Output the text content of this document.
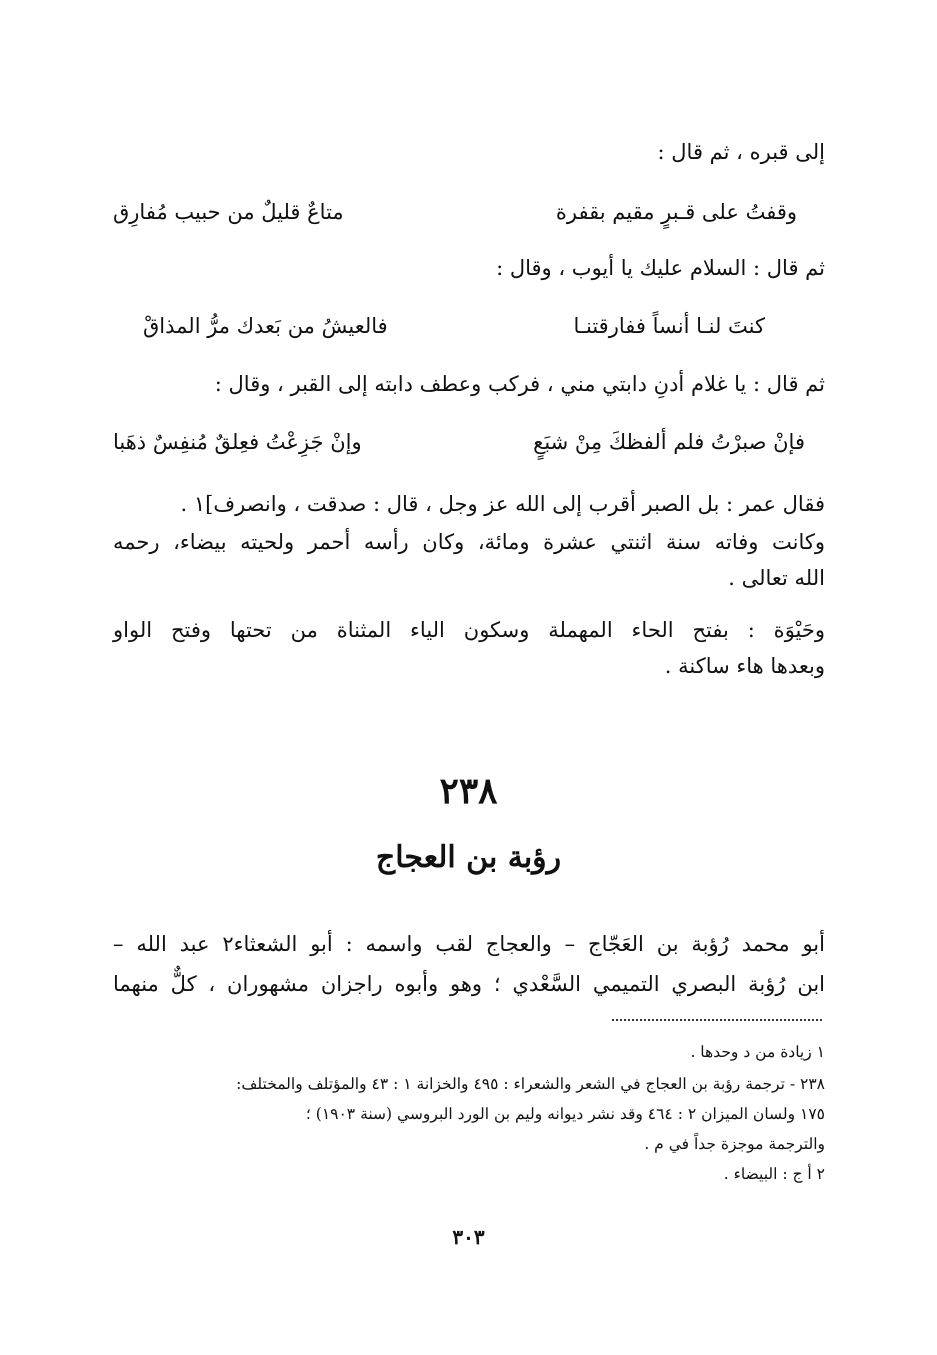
إلى قبره ، ثم قال :
وقفتُ على قـبرٍ مقيم بقفرة
متاعٌ قليلٌ من حبيب مُفارِق
ثم قال : السلام عليك يا أيوب ، وقال :
كنتَ لنـا أنساً ففارقتنـا
فالعيشُ من بَعدك مرُّ المذاقْ
ثم قال : يا غلام أدنِ دابتي مني ، فركب وعطف دابته إلى القبر ، وقال :
فإنْ صبرْتُ فلم ألفظكَ مِنْ شبَعٍ
وإنْ جَزِعْتُ فعِلقٌ مُنفِسٌ ذهَبا
فقال عمر : بل الصبر أقرب إلى الله عز وجل ، قال : صدقت ، وانصرف]١ .
وكانت وفاته سنة اثنتي عشرة ومائة، وكان رأسه أحمر ولحيته بيضاء، رحمه
الله تعالى .
وحَيْوَة : بفتح الحاء المهملة وسكون الياء المثناة من تحتها وفتح الواو
وبعدها هاء ساكنة .
٢٣٨
رؤبة بن العجاج
أبو محمد رُؤبة بن العَجّاج – والعجاج لقب واسمه : أبو الشعثاء٢ عبد الله –
ابن رُؤبة البصري التميمي السَّعْدي ؛ وهو وأبوه راجزان مشهوران ، كلٌّ منهما
١ زيادة من د وحدها .
٢٣٨ - ترجمة رؤبة بن العجاج في الشعر والشعراء : ٤٩٥ والخزانة ١ : ٤٣ والمؤتلف والمختلف:
١٧٥ ولسان الميزان ٢ : ٤٦٤ وقد نشر ديوانه وليم بن الورد البروسي (سنة ١٩٠٣) ؛
والترجمة موجزة جداً في م .
٢ أ ج : البيضاء .
٣٠٣
